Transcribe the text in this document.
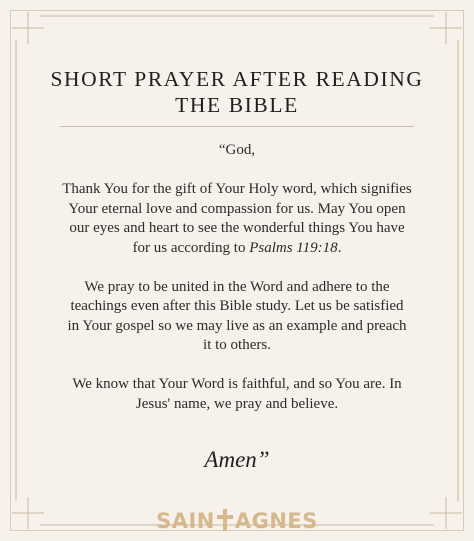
SHORT PRAYER AFTER READING
THE BIBLE

“God,

Thank You for the gift of Your Holy word, which signifies
Your eternal love and compassion for us. May You open
our eyes and heart to see the wonderful things You have
for us according to Psalms 119:18.

We pray to be united in the Word and adhere to the
teachings even after this Bible study. Let us be satisfied
in Your gospel so we may live as an example and preach
it to others.

We know that Your Word is faithful, and so You are. In
Jesus' name, we pray and believe.

Amen”
SAIN AGNES
